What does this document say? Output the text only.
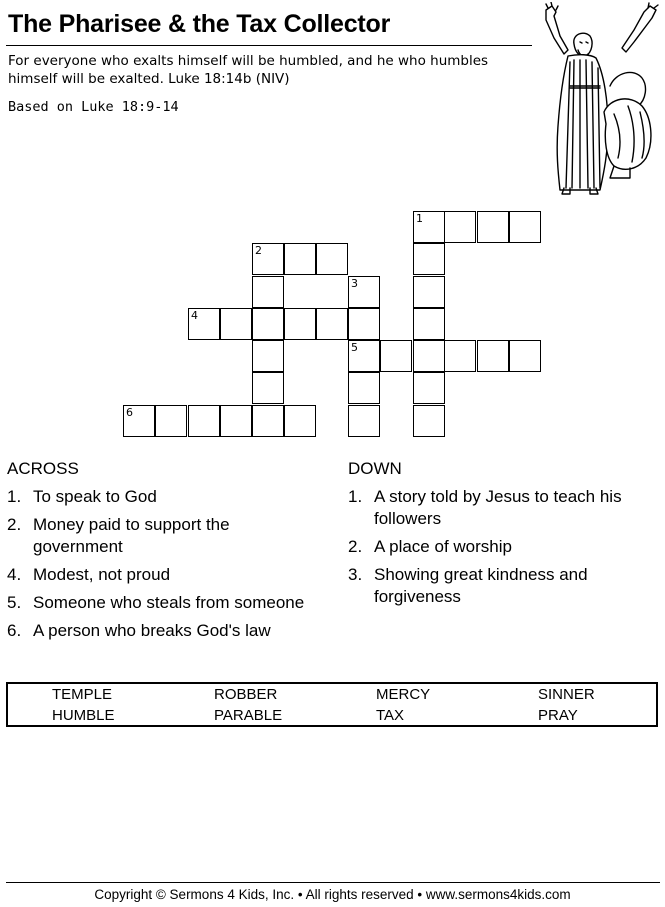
The Pharisee & the Tax Collector
For everyone who exalts himself will be humbled, and he who humbles himself will be exalted. Luke 18:14b (NIV)
Based on Luke 18:9-14
1
2
3
4
5
6
ACROSS
1. To speak to God
2. Money paid to support the government
4. Modest, not proud
5. Someone who steals from someone
6. A person who breaks God's law
DOWN
1. A story told by Jesus to teach his followers
2. A place of worship
3. Showing great kindness and forgiveness
TEMPLE	ROBBER	MERCY	SINNER
HUMBLE	PARABLE	TAX	PRAY
Copyright © Sermons 4 Kids, Inc. • All rights reserved • www.sermons4kids.com
